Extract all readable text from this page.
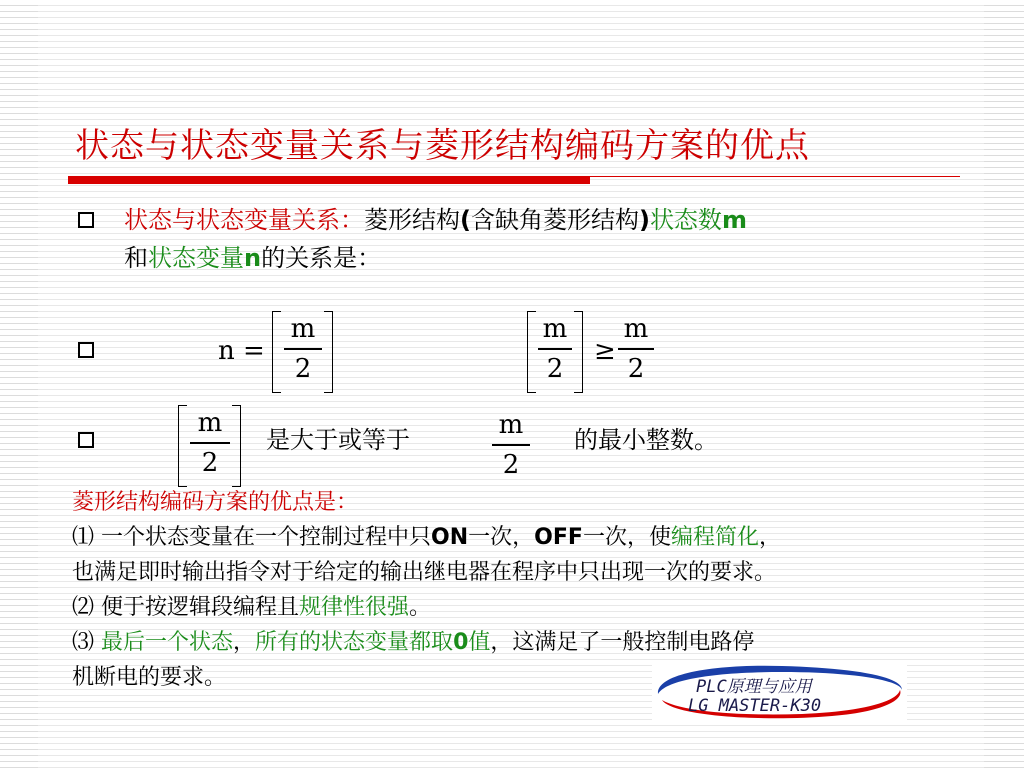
状态与状态变量关系与菱形结构编码方案的优点
状态与状态变量关系：菱形结构(含缺角菱形结构)状态数m
和状态变量n的关系是：
n =
m
2
m
2
≥
m
2
m
2
是大于或等于	m
2
的最小整数。
菱形结构编码方案的优点是：
⑴ 一个状态变量在一个控制过程中只ON一次，OFF一次，使编程简化，
也满足即时输出指令对于给定的输出继电器在程序中只出现一次的要求。
⑵ 便于按逻辑段编程且规律性很强。
⑶ 最后一个状态，所有的状态变量都取0值，这满足了一般控制电路停
机断电的要求。	PLC原理与应用
LG MASTER-K30
